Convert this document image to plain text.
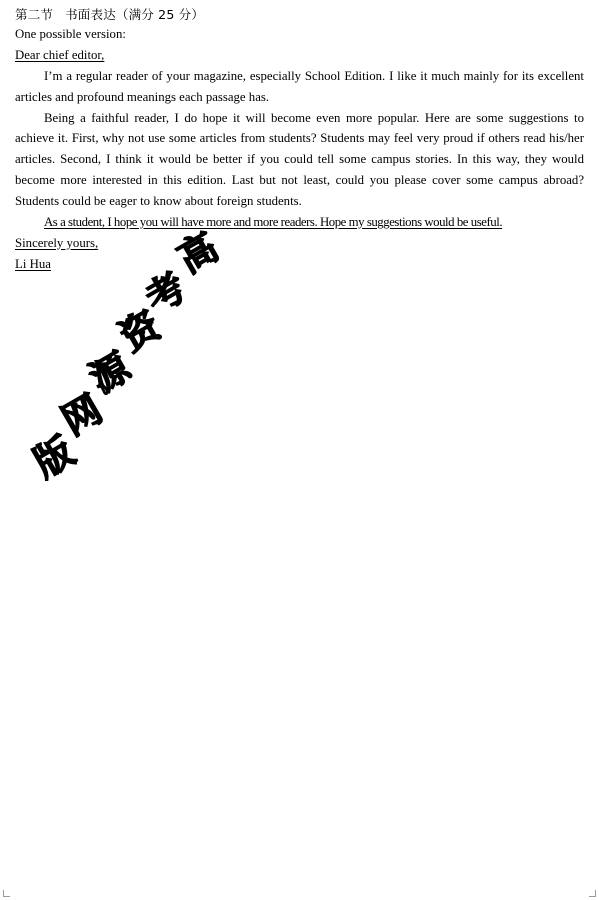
第二节 书面表达（满分 25 分）
One possible version:
Dear chief editor,

I’m a regular reader of your magazine, especially School Edition. I like it much mainly for its excellent articles and profound meanings each passage has.

Being a faithful reader, I do hope it will become even more popular. Here are some suggestions to achieve it. First, why not use some articles from students? Students may feel very proud if others read his/her articles. Second, I think it would be better if you could tell some campus stories. In this way, they would become more interested in this edition. Last but not least, could you please cover some campus abroad? Students could be eager to know about foreign students.

As a student, I hope you will have more and more readers. Hope my suggestions would be useful.
Sincerely yours,
Li Hua	高
考
资
源
网
版
